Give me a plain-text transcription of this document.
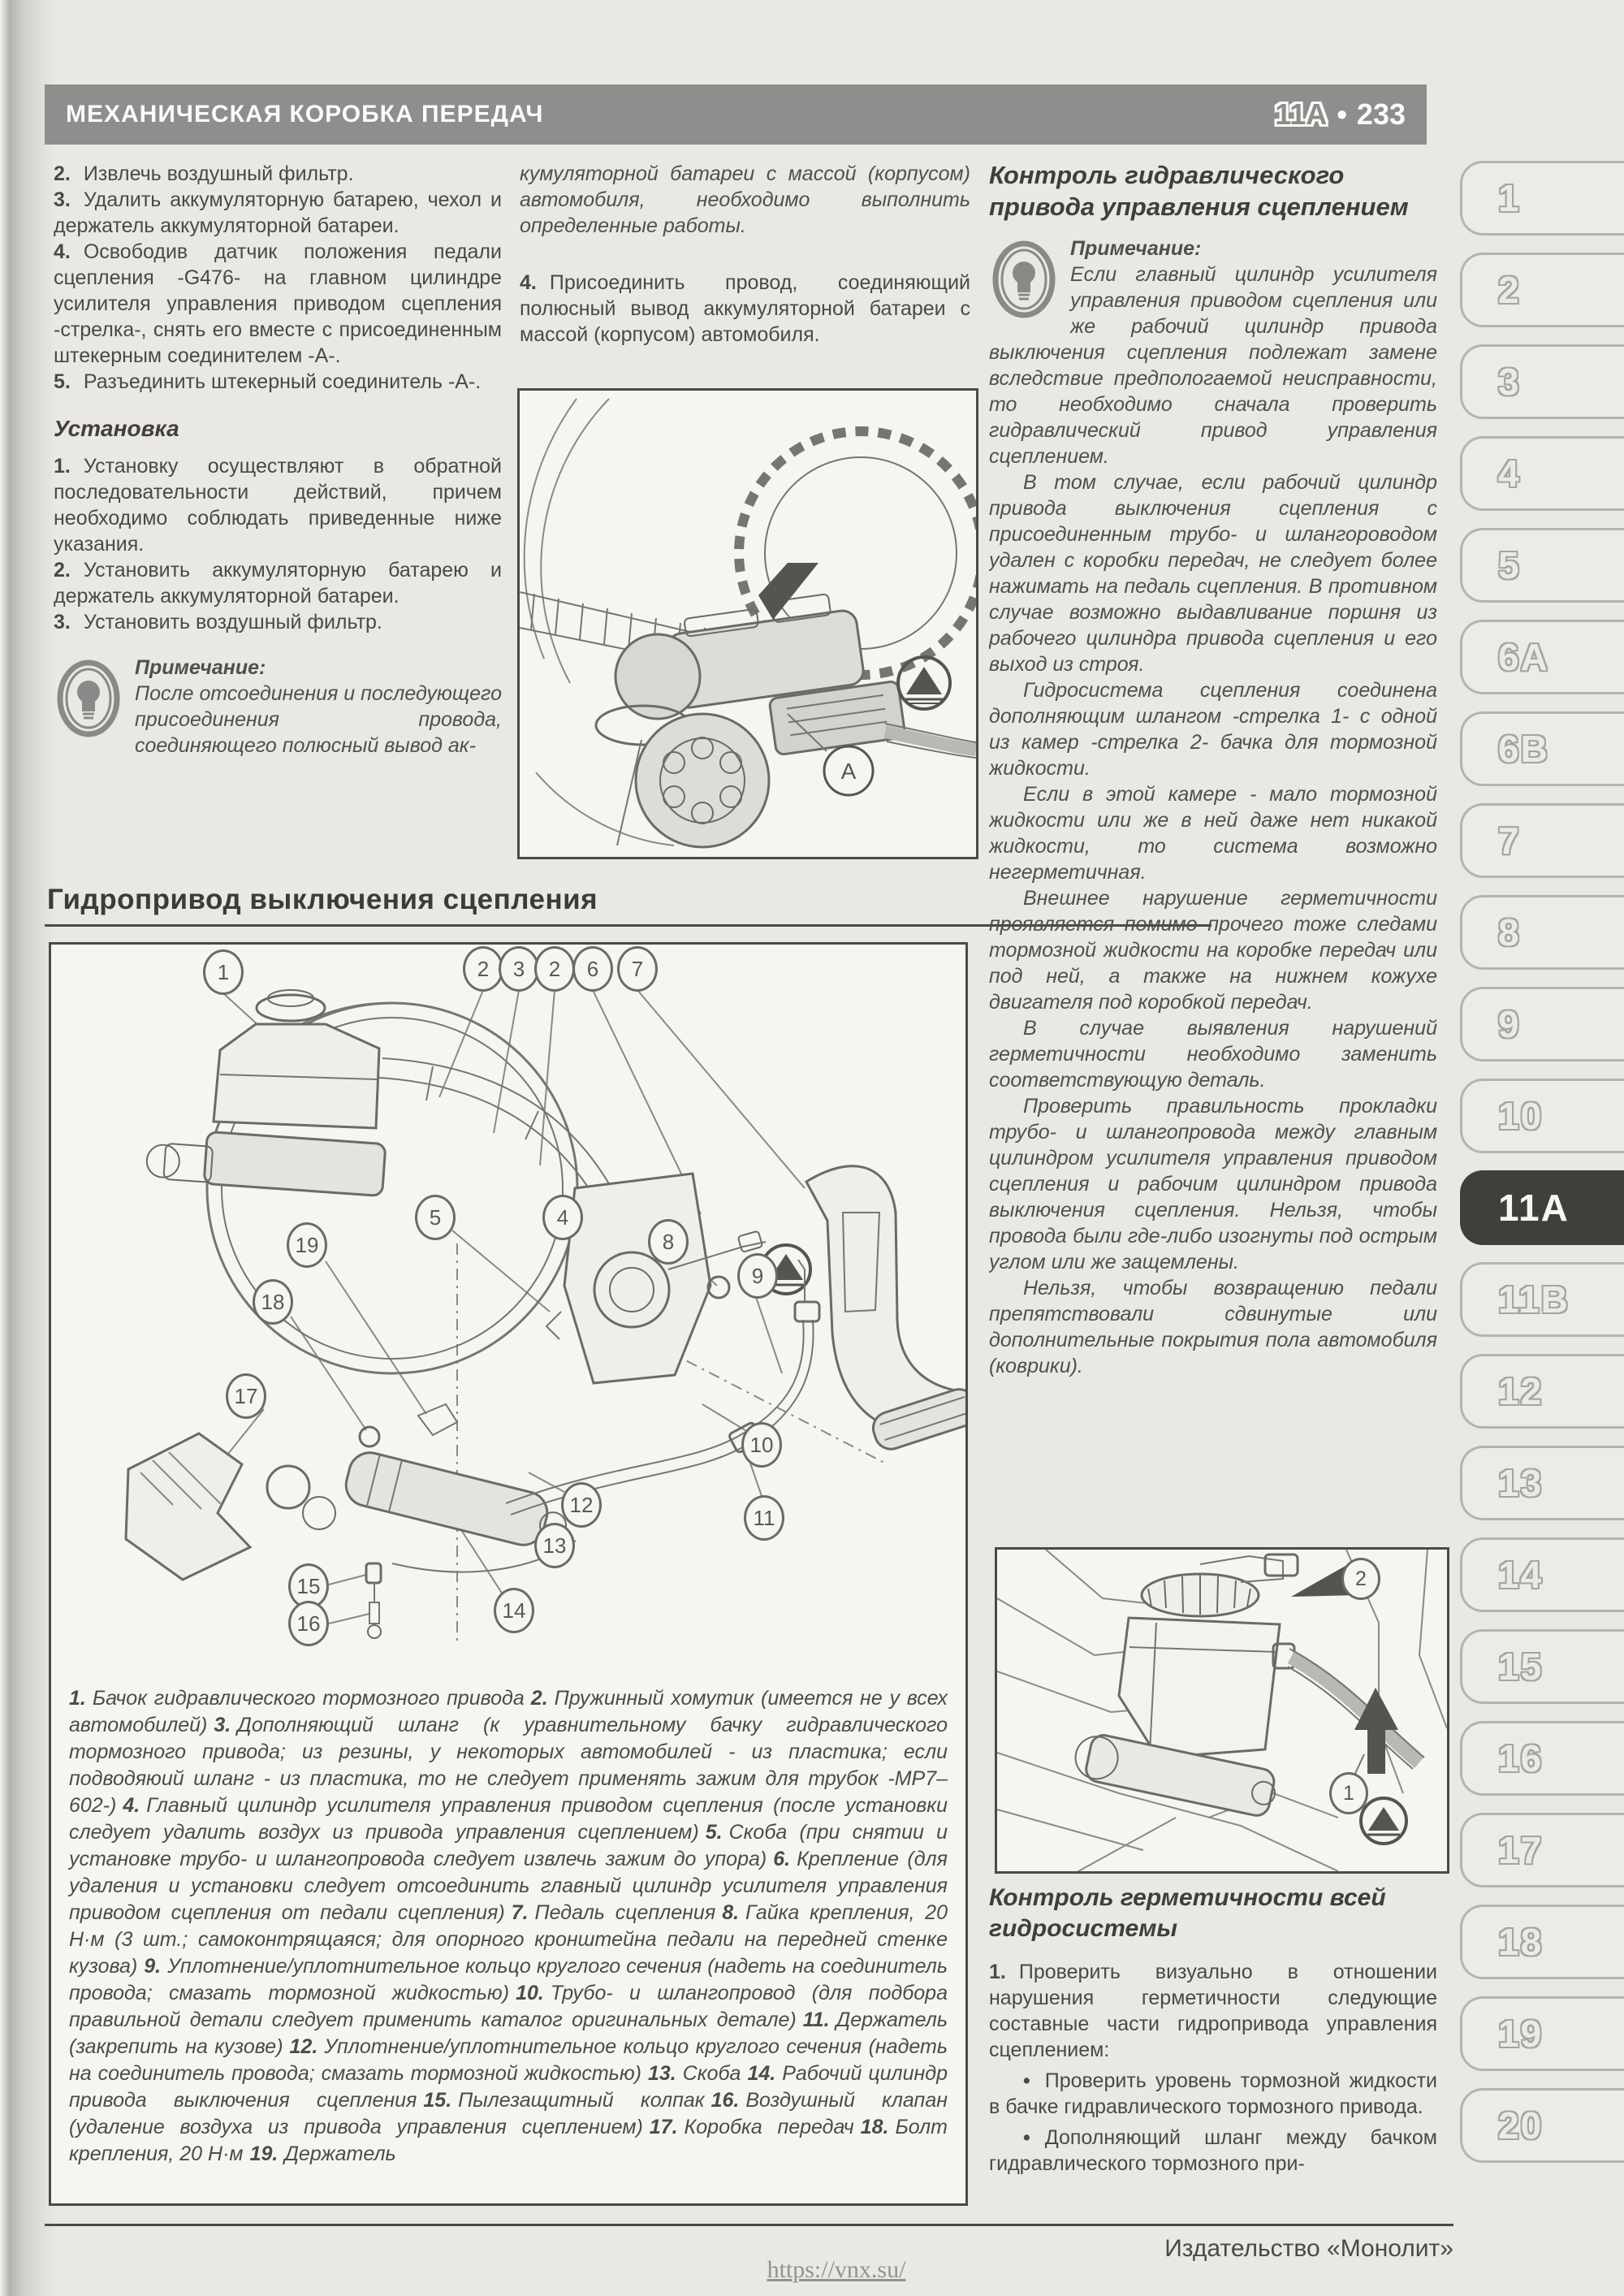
МЕХАНИЧЕСКАЯ КОРОБКА ПЕРЕДАЧ	11A • 233

2. Извлечь воздушный фильтр.

3. Удалить аккумуляторную батарею, чехол и держатель аккумуляторной батареи.

4. Освободив датчик положения педали сцепления -G476- на главном цилиндре усилителя управления приводом сцепления -стрелка-, снять его вместе с присоединенным штекерным соединителем -А-.

5. Разъединить штекерный соединитель -А-.

Установка

1. Установку осуществляют в обратной последовательности действий, причем необходимо соблюдать приведенные ниже указания.

2. Установить аккумуляторную батарею и держатель аккумуляторной батареи.

3. Установить воздушный фильтр.

Примечание:
После отсоединения и последующего присоединения провода, соединяющего полюсный вывод ак-

кумуляторной батареи с массой (корпусом) автомобиля, необходимо выполнить определенные работы.

4. Присоединить провод, соединяющий полюсный вывод аккумуляторной батареи с массой (корпусом) автомобиля.

A
Гидропривод выключения сцепления
1	2 3 2 6 7
5	4
8
19
18
9
17
10
12
11
13
15
16
14

1. Бачок гидравлического тормозного привода 2. Пружинный хомутик (имеется не у всех автомобилей) 3. Дополняющий шланг (к уравнительному бачку гидравлического тормозного привода; из резины, у некоторых автомобилей - из пластика; если подводяюий шланг - из пластика, то не следует применять зажим для трубок -МР7–602-) 4. Главный цилиндр усилителя управления приводом сцепления (после установки следует удалить воздух из привода управления сцеплением) 5. Скоба (при снятии и установке трубо- и шлангопровода следует извлечь зажим до упора) 6. Крепление (для удаления и установки следует отсоединить главный цилиндр усилителя управления приводом сцепления от педали сцепления) 7. Педаль сцепления 8. Гайка крепления, 20 Н·м (3 шт.; самоконтрящаяся; для опорного кронштейна педали на передней стенке кузова) 9. Уплотнение/уплотнительное кольцо круглого сечения (надеть на соединитель провода; смазать тормозной жидкостью) 10. Трубо- и шлангопровод (для подбора правильной детали следует применить каталог оригинальных детале) 11. Держатель (закрепить на кузове) 12. Уплотнение/уплотнительное кольцо круглого сечения (надеть на соединитель провода; смазать тормозной жидкостью) 13. Скоба 14. Рабочий цилиндр привода выключения сцепления 15. Пылезащитный колпак 16. Воздушный клапан (удаление воздуха из привода управления сцеплением) 17. Коробка передач 18. Болт крепления, 20 Н·м 19. Держатель

Контроль гидравлического привода управления сцеплением

Примечание:
Если главный цилиндр усилителя управления приводом сцепления или же рабочий цилиндр привода выключения сцепления подлежат замене вследствие предпологаемой неисправности, то необходимо сначала проверить гидравлический привод управления сцеплением.

В том случае, если рабочий цилиндр привода выключения сцепления с присоединенным трубо- и шлангороводом удален с коробки передач, не следует более нажимать на педаль сцепления. В противном случае возможно выдавливание поршня из рабочего цилиндра привода сцепления и его выход из строя.

Гидросистема сцепления соединена дополняющим шлангом -стрелка 1- с одной из камер -стрелка 2- бачка для тормозной жидкости.

Если в этой камере - мало тормозной жидкости или же в ней даже нет никакой жидкости, то система возможно негерметичная.

Внешнее нарушение герметичности проявляется помимо прочего тоже следами тормозной жидкости на коробке передач или под ней, а также на нижнем кожухе двигателя под коробкой передач.

В случае выявления нарушений герметичности необходимо заменить соответствующую деталь.

Проверить правильность прокладки трубо- и шлангопровода между главным цилиндром усилителя управления приводом сцепления и рабочим цилиндром привода выключения сцепления. Нельзя, чтобы провода были где-либо изогнуты под острым углом или же защемлены.

Нельзя, чтобы возвращению педали препятствовали сдвинутые или дополнительные покрытия пола автомобиля (коврики).

2
1
Контроль герметичности всей гидросистемы

1. Проверить визуально в отношении нарушения герметичности следующие составные части гидропривода управления сцеплением:

• Проверить уровень тормозной жидкости в бачке гидравлического тормозного привода.

• Дополняющий шланг между бачком гидравлического тормозного при-

1
2
3
4
5
6A
6B
7
8
9
10
11A
11B
12
13
14
15
16
17
18
19
20
Издательство «Монолит»
https://vnx.su/
